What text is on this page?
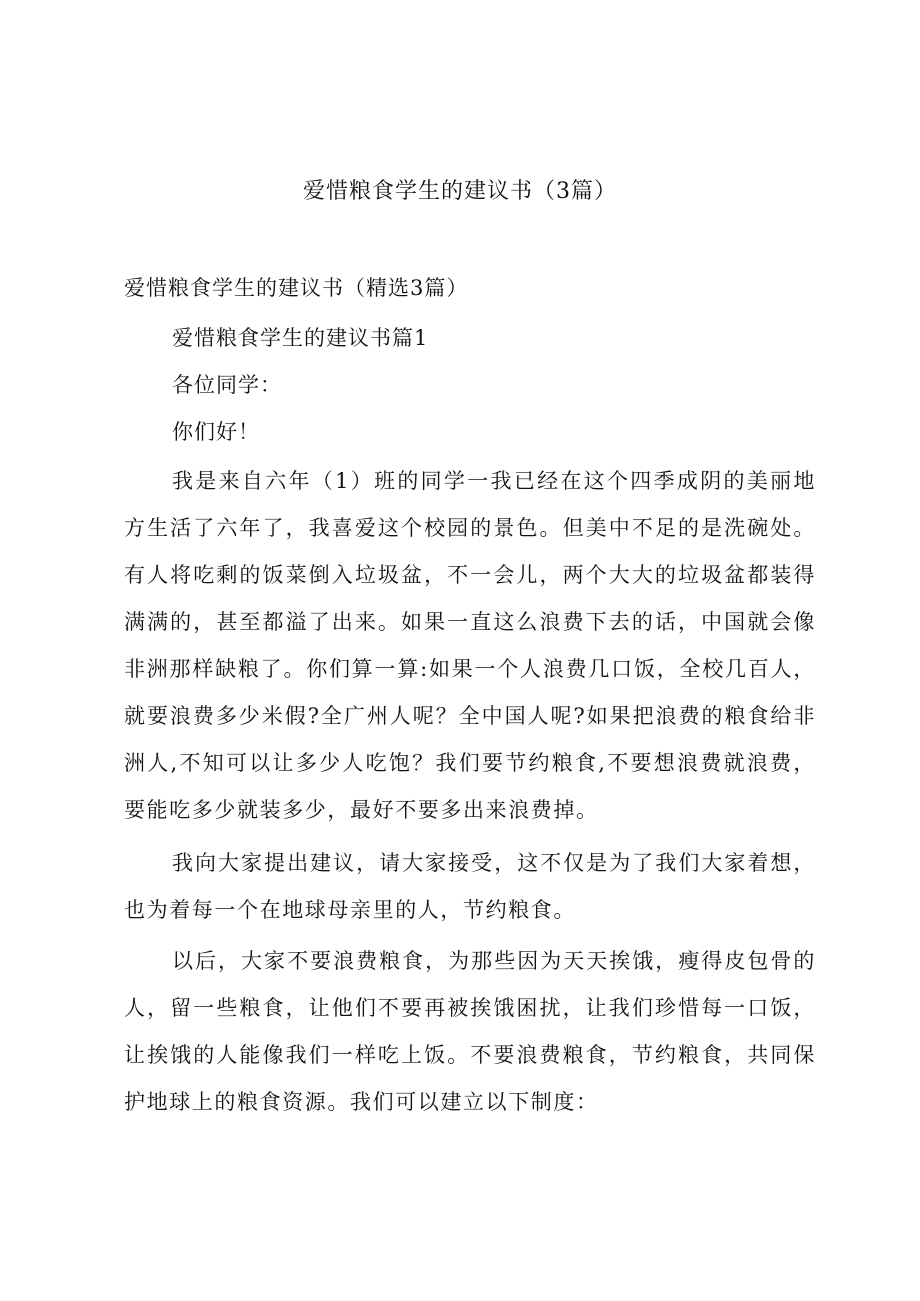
爱惜粮食学生的建议书（3篇）

爱惜粮食学生的建议书（精选3篇）

爱惜粮食学生的建议书篇1

各位同学：

你们好！

我是来自六年（1）班的同学一我已经在这个四季成阴的美丽地方生活了六年了，我喜爱这个校园的景色。但美中不足的是洗碗处。有人将吃剩的饭菜倒入垃圾盆，不一会儿，两个大大的垃圾盆都装得满满的，甚至都溢了出来。如果一直这么浪费下去的话，中国就会像非洲那样缺粮了。你们算一算:如果一个人浪费几口饭，全校几百人，就要浪费多少米假?全广州人呢？全中国人呢?如果把浪费的粮食给非洲人,不知可以让多少人吃饱？我们要节约粮食,不要想浪费就浪费，要能吃多少就装多少，最好不要多出来浪费掉。

我向大家提出建议，请大家接受，这不仅是为了我们大家着想，也为着每一个在地球母亲里的人，节约粮食。

以后，大家不要浪费粮食，为那些因为天天挨饿，瘦得皮包骨的人，留一些粮食，让他们不要再被挨饿困扰，让我们珍惜每一口饭，让挨饿的人能像我们一样吃上饭。不要浪费粮食，节约粮食，共同保护地球上的粮食资源。我们可以建立以下制度：
